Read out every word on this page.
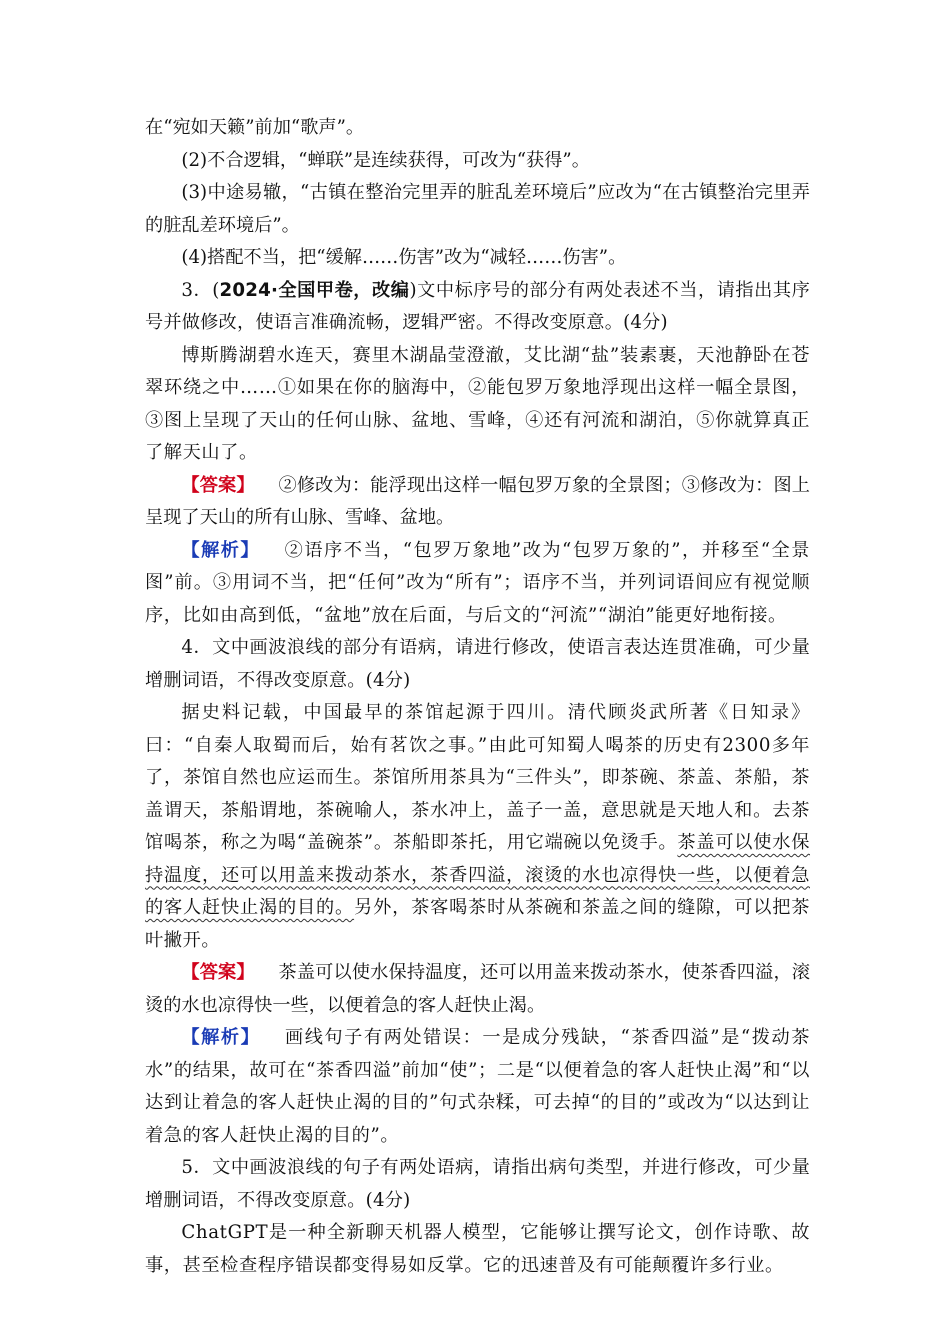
在“宛如天籁”前加“歌声”。

(2)不合逻辑，“蝉联”是连续获得，可改为“获得”。

(3)中途易辙，“古镇在整治完里弄的脏乱差环境后”应改为“在古镇整治完里弄的脏乱差环境后”。

(4)搭配不当，把“缓解……伤害”改为“减轻……伤害”。

3．(2024·全国甲卷，改编)文中标序号的部分有两处表述不当，请指出其序号并做修改，使语言准确流畅，逻辑严密。不得改变原意。(4分)

博斯腾湖碧水连天，赛里木湖晶莹澄澈，艾比湖“盐”装素裹，天池静卧在苍翠环绕之中……①如果在你的脑海中，②能包罗万象地浮现出这样一幅全景图，③图上呈现了天山的任何山脉、盆地、雪峰，④还有河流和湖泊，⑤你就算真正了解天山了。

【答案】 ②修改为：能浮现出这样一幅包罗万象的全景图；③修改为：图上呈现了天山的所有山脉、雪峰、盆地。

【解析】 ②语序不当，“包罗万象地”改为“包罗万象的”，并移至“全景图”前。③用词不当，把“任何”改为“所有”；语序不当，并列词语间应有视觉顺序，比如由高到低，“盆地”放在后面，与后文的“河流”“湖泊”能更好地衔接。

4．文中画波浪线的部分有语病，请进行修改，使语言表达连贯准确，可少量增删词语，不得改变原意。(4分)

据史料记载，中国最早的茶馆起源于四川。清代顾炎武所著《日知录》曰：“自秦人取蜀而后，始有茗饮之事。”由此可知蜀人喝茶的历史有2300多年了，茶馆自然也应运而生。茶馆所用茶具为“三件头”，即茶碗、茶盖、茶船，茶盖谓天，茶船谓地，茶碗喻人，茶水冲上，盖子一盖，意思就是天地人和。去茶馆喝茶，称之为喝“盖碗茶”。茶船即茶托，用它端碗以免烫手。茶盖可以使水保持温度，还可以用盖来拨动茶水，茶香四溢，滚烫的水也凉得快一些，以便着急的客人赶快止渴的目的。另外，茶客喝茶时从茶碗和茶盖之间的缝隙，可以把茶叶撇开。

【答案】 茶盖可以使水保持温度，还可以用盖来拨动茶水，使茶香四溢，滚烫的水也凉得快一些，以便着急的客人赶快止渴。

【解析】 画线句子有两处错误：一是成分残缺，“茶香四溢”是“拨动茶水”的结果，故可在“茶香四溢”前加“使”；二是“以便着急的客人赶快止渴”和“以达到让着急的客人赶快止渴的目的”句式杂糅，可去掉“的目的”或改为“以达到让着急的客人赶快止渴的目的”。

5．文中画波浪线的句子有两处语病，请指出病句类型，并进行修改，可少量增删词语，不得改变原意。(4分)

ChatGPT是一种全新聊天机器人模型，它能够让撰写论文，创作诗歌、故事，甚至检查程序错误都变得易如反掌。它的迅速普及有可能颠覆许多行业。
